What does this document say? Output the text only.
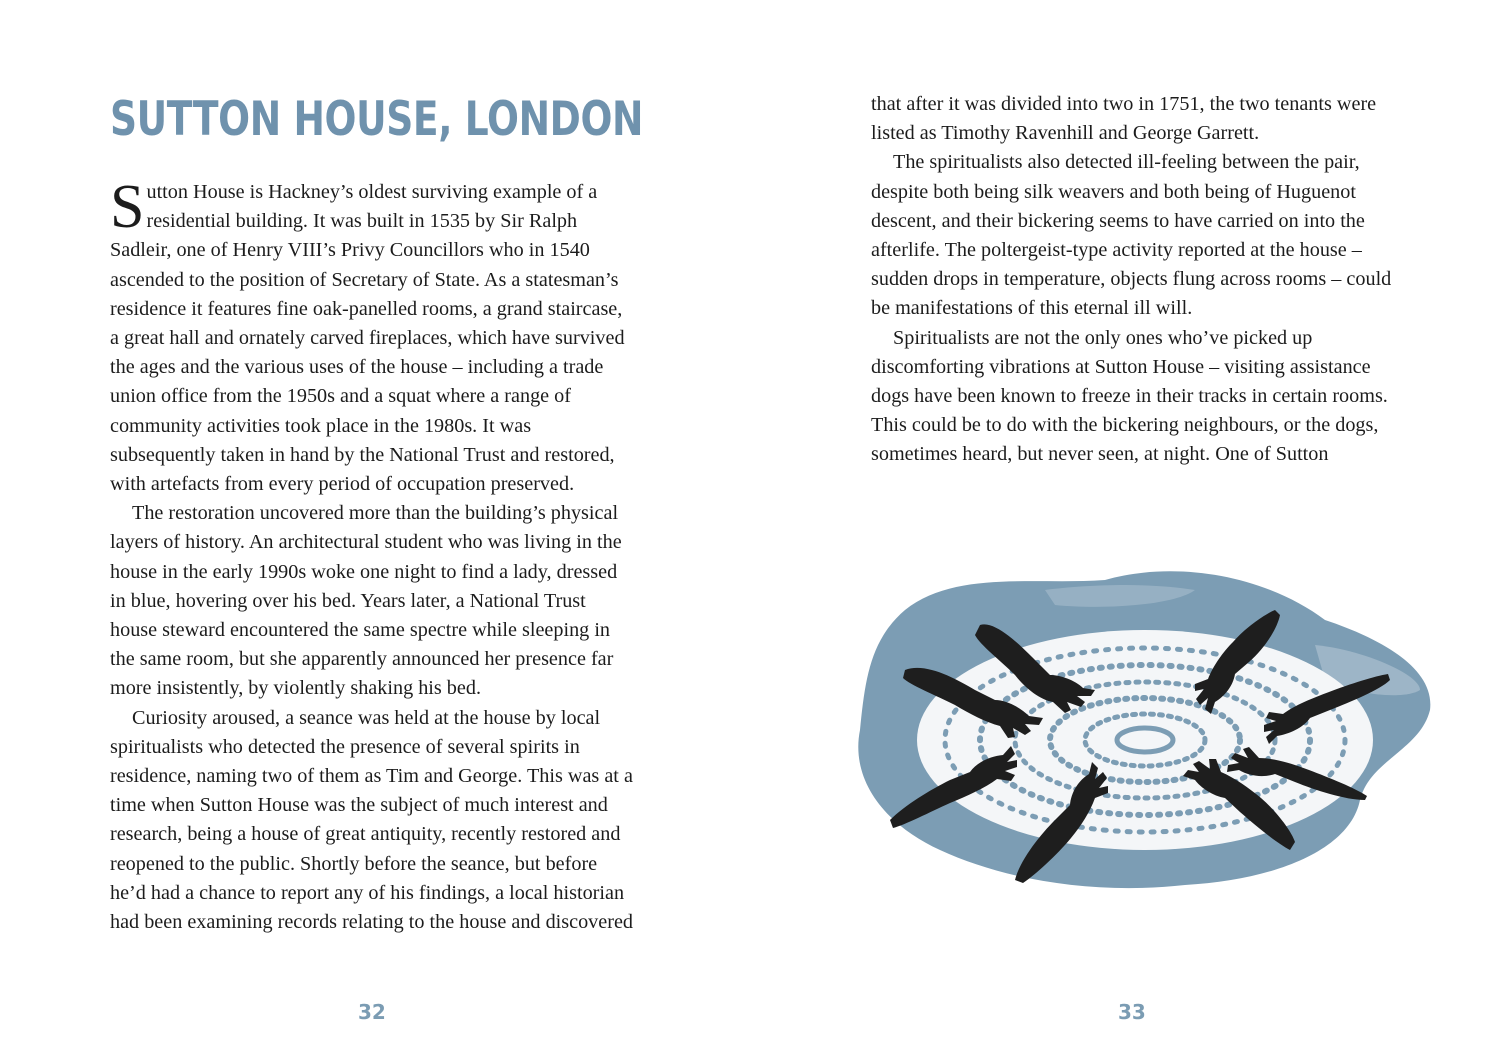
SUTTON HOUSE, LONDON

Sutton House is Hackney’s oldest surviving example of a residential building. It was built in 1535 by Sir Ralph Sadleir, one of Henry VIII’s Privy Councillors who in 1540 ascended to the position of Secretary of State. As a statesman’s residence it features fine oak-panelled rooms, a grand staircase, a great hall and ornately carved fireplaces, which have survived the ages and the various uses of the house – including a trade union office from the 1950s and a squat where a range of community activities took place in the 1980s. It was subsequently taken in hand by the National Trust and restored, with artefacts from every period of occupation preserved.

The restoration uncovered more than the building’s physical layers of history. An architectural student who was living in the house in the early 1990s woke one night to find a lady, dressed in blue, hovering over his bed. Years later, a National Trust house steward encountered the same spectre while sleeping in the same room, but she apparently announced her presence far more insistently, by violently shaking his bed.

Curiosity aroused, a seance was held at the house by local spiritualists who detected the presence of several spirits in residence, naming two of them as Tim and George. This was at a time when Sutton House was the subject of much interest and research, being a house of great antiquity, recently restored and reopened to the public. Shortly before the seance, but before he’d had a chance to report any of his findings, a local historian had been examining records relating to the house and discovered

32

that after it was divided into two in 1751, the two tenants were listed as Timothy Ravenhill and George Garrett.

The spiritualists also detected ill-feeling between the pair, despite both being silk weavers and both being of Huguenot descent, and their bickering seems to have carried on into the afterlife. The poltergeist-type activity reported at the house – sudden drops in temperature, objects flung across rooms – could be manifestations of this eternal ill will.

Spiritualists are not the only ones who’ve picked up discomforting vibrations at Sutton House – visiting assistance dogs have been known to freeze in their tracks in certain rooms. This could be to do with the bickering neighbours, or the dogs, sometimes heard, but never seen, at night. One of Sutton

33
